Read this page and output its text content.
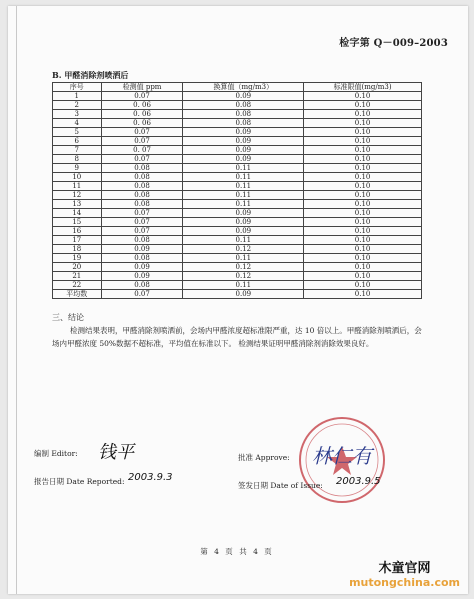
检字第 Q－009–2003
B. 甲醛消除剂喷洒后
序号	检测值 ppm	换算值（mg/m3）	标准限值(mg/m3)
1	0.07	0.09	0.10
2	0. 06	0.08	0.10
3	0. 06	0.08	0.10
4	0. 06	0.08	0.10
5	0.07	0.09	0.10
6	0.07	0.09	0.10
7	0. 07	0.09	0.10
8	0.07	0.09	0.10
9	0.08	0.11	0.10
10	0.08	0.11	0.10
11	0.08	0.11	0.10
12	0.08	0.11	0.10
13	0.08	0.11	0.10
14	0.07	0.09	0.10
15	0.07	0.09	0.10
16	0.07	0.09	0.10
17	0.08	0.11	0.10
18	0.09	0.12	0.10
19	0.08	0.11	0.10
20	0.09	0.12	0.10
21	0.09	0.12	0.10
22	0.08	0.11	0.10
平均数	0.07	0.09	0.10
三、结论
检测结果表明，甲醛消除剂喷洒前，会场内甲醛浓度超标准限严重，达 10 倍以上。甲醛消除剂喷洒后，会场内甲醛浓度 50%数据不超标准，平均值在标准以下。 检测结果证明甲醛消除剂消除效果良好。
编制 Editor: 钱平
报告日期 Date Reported: 2003.9.3
批准 Approve: 林仁有
签发日期 Date of Issue: 2003.9.5
第 4 页 共 4 页
木童官网
mutongchina.com
